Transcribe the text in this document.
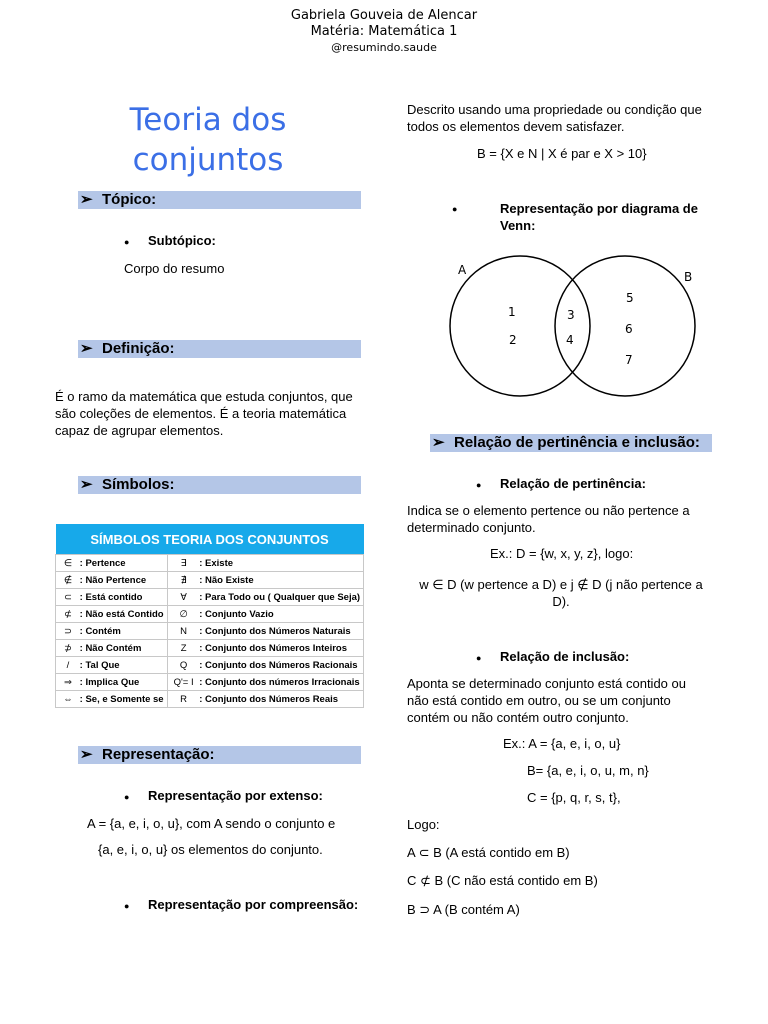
Gabriela Gouveia de Alencar
Matéria: Matemática 1
@resumindo.saude
Teoria dos
conjuntos
➢ Tópico:
Subtópico:
Corpo do resumo
➢ Definição:
É o ramo da matemática que estuda conjuntos, que são coleções de elementos. É a teoria matemática capaz de agrupar elementos.
➢ Símbolos:
SÍMBOLOS TEORIA DOS CONJUNTOS	
∈ : Pertence	∃ : Existe
∉ : Não Pertence	∄ : Não Existe
⊂ : Está contido	∀ : Para Todo ou ( Qualquer que Seja)
⊄ : Não está Contido	∅ : Conjunto Vazio
⊃ : Contém	N : Conjunto dos Números Naturais
⊅ : Não Contém	Z : Conjunto dos Números Inteiros
/ : Tal Que	Q : Conjunto dos Números Racionais
⇒ : Implica Que	Q'= I : Conjunto dos números Irracionais
⇔ : Se, e Somente se	R : Conjunto dos Números Reais
➢ Representação:
Representação por extenso:
A = {a, e, i, o, u}, com A sendo o conjunto e
{a, e, i, o, u} os elementos do conjunto.
Representação por compreensão:
Descrito usando uma propriedade ou condição que todos os elementos devem satisfazer.
B = {X e N | X é par e X > 10}
Representação por diagrama de Venn:
A	B
1
2
3
4
5
6
7
➢ Relação de pertinência e inclusão:
Relação de pertinência:
Indica se o elemento pertence ou não pertence a determinado conjunto.
Ex.: D = {w, x, y, z}, logo:
w ∈ D (w pertence a D) e j ∉ D (j não pertence a D).
Relação de inclusão:
Aponta se determinado conjunto está contido ou não está contido em outro, ou se um conjunto contém ou não contém outro conjunto.
Ex.: A = {a, e, i, o, u}
B= {a, e, i, o, u, m, n}
C = {p, q, r, s, t},
Logo:
A ⊂ B (A está contido em B)
C ⊄ B (C não está contido em B)
B ⊃ A (B contém A)
